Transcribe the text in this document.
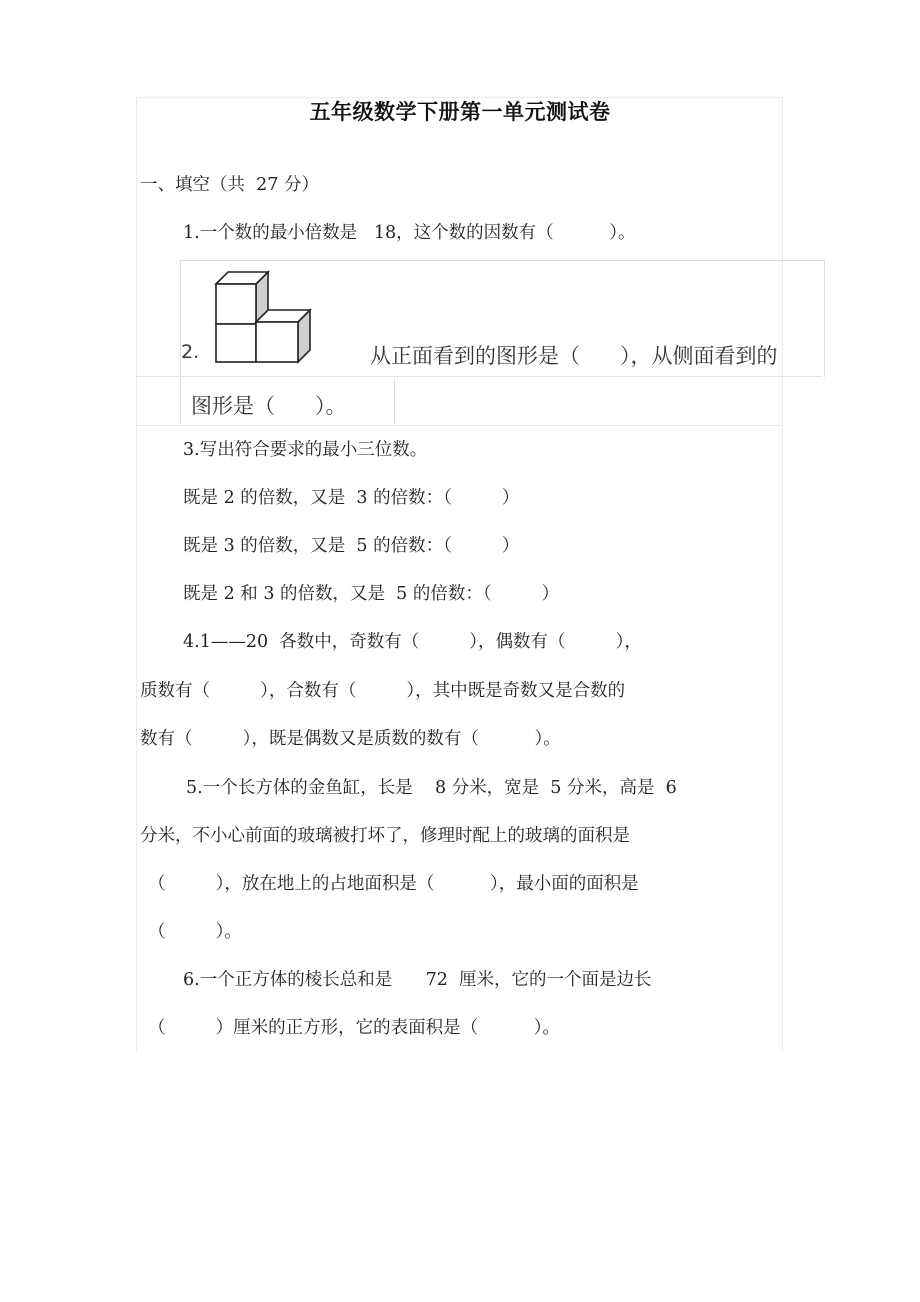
五年级数学下册第一单元测试卷
一、填空（共  27 分）
1.一个数的最小倍数是   18，这个数的因数有（          ）。
2.	从正面看到的图形是（      ），从侧面看到的
图形是（      ）。
3.写出符合要求的最小三位数。
既是 2 的倍数，又是  3 的倍数：（         ）
既是 3 的倍数，又是  5 的倍数：（         ）
既是 2 和 3 的倍数，又是  5 的倍数：（         ）
4.1——20  各数中，奇数有（         ），偶数有（         ），
质数有（         ），合数有（         ），其中既是奇数又是合数的
数有（         ），既是偶数又是质数的数有（          ）。
5.一个长方体的金鱼缸，长是    8 分米，宽是  5 分米，高是  6
分米，不小心前面的玻璃被打坏了，修理时配上的玻璃的面积是
（         ），放在地上的占地面积是（          ），最小面的面积是
（         ）。
6.一个正方体的棱长总和是      72  厘米，它的一个面是边长
（         ）厘米的正方形，它的表面积是（          ）。
